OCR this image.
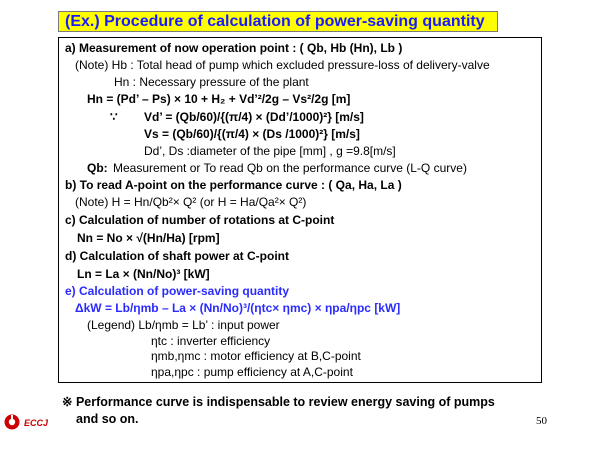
(Ex.) Procedure of calculation of power-saving quantity
a) Measurement of now operation point : ( Qb, Hb (Hn), Lb )
(Note) Hb : Total head of pump which excluded pressure-loss of delivery-valve
Hn : Necessary pressure of the plant
Hn = (Pd’ – Ps) × 10 + H₂ + Vd’²/2g – Vs²/2g [m]
∵ Vd’ = (Qb/60)/{(π/4) × (Dd’/1000)²} [m/s]
Vs = (Qb/60)/{(π/4) × (Ds /1000)²} [m/s]
Dd’, Ds :diameter of the pipe [mm] , g =9.8[m/s]
Qb: Measurement or To read Qb on the performance curve (L-Q curve)
b) To read A-point on the performance curve : ( Qa, Ha, La )
(Note) H = Hn/Qb²× Q² (or H = Ha/Qa²× Q²)
c) Calculation of number of rotations at C-point
Nn = No × √(Hn/Ha) [rpm]
d) Calculation of shaft power at C-point
Ln = La × (Nn/No)³ [kW]
e) Calculation of power-saving quantity
ΔkW = Lb/ηmb – La × (Nn/No)³/(ηtc× ηmc) × ηpa/ηpc [kW]
(Legend) Lb/ηmb = Lb’ : input power
ηtc : inverter efficiency
ηmb,ηmc : motor efficiency at B,C-point
ηpa,ηpc : pump efficiency at A,C-point
※ Performance curve is indispensable to review energy saving of pumps
and so on.
ECCJ	50
